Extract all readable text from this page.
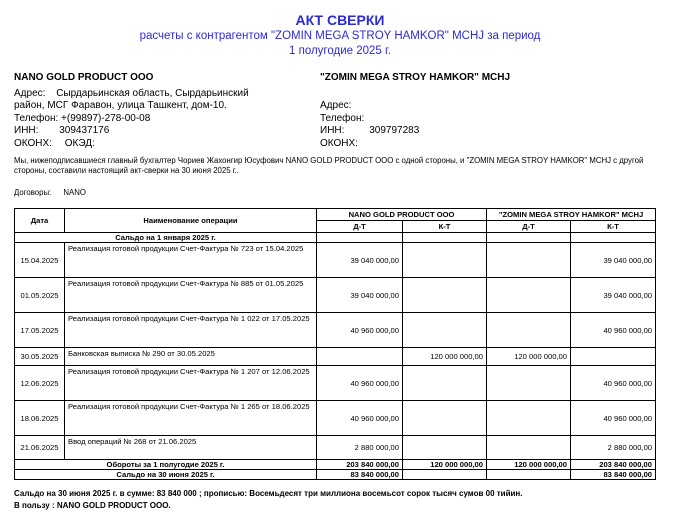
АКТ СВЕРКИ
расчеты с контрагентом "ZOMIN MEGA STROY HAMKOR" MCHJ за период
1 полугодие 2025 г.
NANO GOLD PRODUCT OOO
Адрес: Сырдарьинская область, Сырдарьинский
район, МСГ Фаравон, улица Ташкент, дом-10.
Телефон: +(99897)-278-00-08
ИНН: 309437176
ОКОНХ: ОКЭД:
"ZOMIN MEGA STROY HAMKOR" MCHJ
Адрес:
Телефон:
ИНН: 309797283
ОКОНХ:
Мы, нижеподписавшиеся главный бухгалтер Чориев Жахонгир Юсуфович NANO GOLD PRODUCT OOO с одной стороны, и "ZOMIN MEGA STROY HAMKOR" MCHJ с другой стороны, составили настоящий акт-сверки на 30 июня 2025 г..
Договоры: NANO
Дата	Наименование операции	NANO GOLD PRODUCT OOO		"ZOMIN MEGA STROY HAMKOR" MCHJ	
		Д-Т	К-Т	Д-Т	К-Т
Сальдо на 1 января 2025 г.					
15.04.2025	Реализация готовой продукции Счет-Фактура № 723 от 15.04.2025	39 040 000,00			39 040 000,00
01.05.2025	Реализация готовой продукции Счет-Фактура № 885 от 01.05.2025	39 040 000,00			39 040 000,00
17.05.2025	Реализация готовой продукции Счет-Фактура № 1 022 от 17.05.2025	40 960 000,00			40 960 000,00
30.05.2025	Банковская выписка № 290 от 30.05.2025		120 000 000,00	120 000 000,00	
12.06.2025	Реализация готовой продукции Счет-Фактура № 1 207 от 12.06.2025	40 960 000,00			40 960 000,00
18.06.2025	Реализация готовой продукции Счет-Фактура № 1 265 от 18.06.2025	40 960 000,00			40 960 000,00
21.06.2025	Ввод операций № 268 от 21.06.2025	2 880 000,00			2 880 000,00
Обороты за 1 полугодие 2025 г.		203 840 000,00	120 000 000,00	120 000 000,00	203 840 000,00
Сальдо на 30 июня 2025 г.		83 840 000,00			83 840 000,00
Сальдо на 30 июня 2025 г. в сумме: 83 840 000 ; прописью: Восемьдесят три миллиона восемьсот сорок тысяч сумов 00 тийин.
В пользу : NANO GOLD PRODUCT OOO.
